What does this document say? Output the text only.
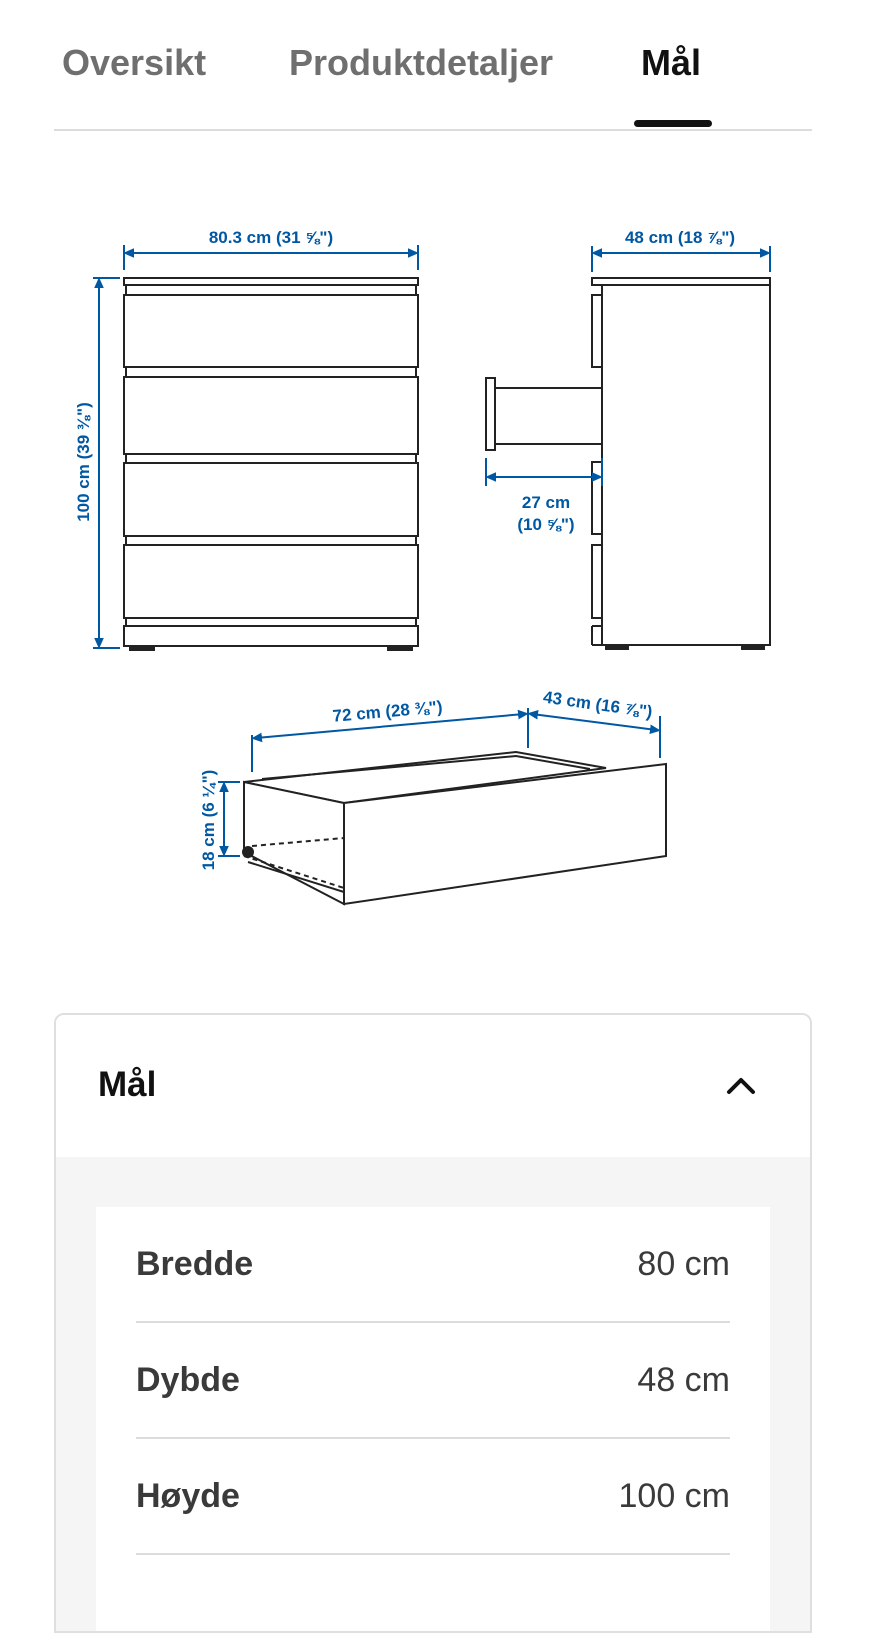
Oversikt Produktdetaljer Mål
80.3 cm (31 ⅝")
100 cm (39 ⅜")
48 cm (18 ⅞")
27 cm
(10 ⅝")
72 cm (28 ⅜")	43 cm (16 ⅞")
18 cm (6 ¼")
Mål
Bredde	80 cm
Dybde	48 cm
Høyde	100 cm
